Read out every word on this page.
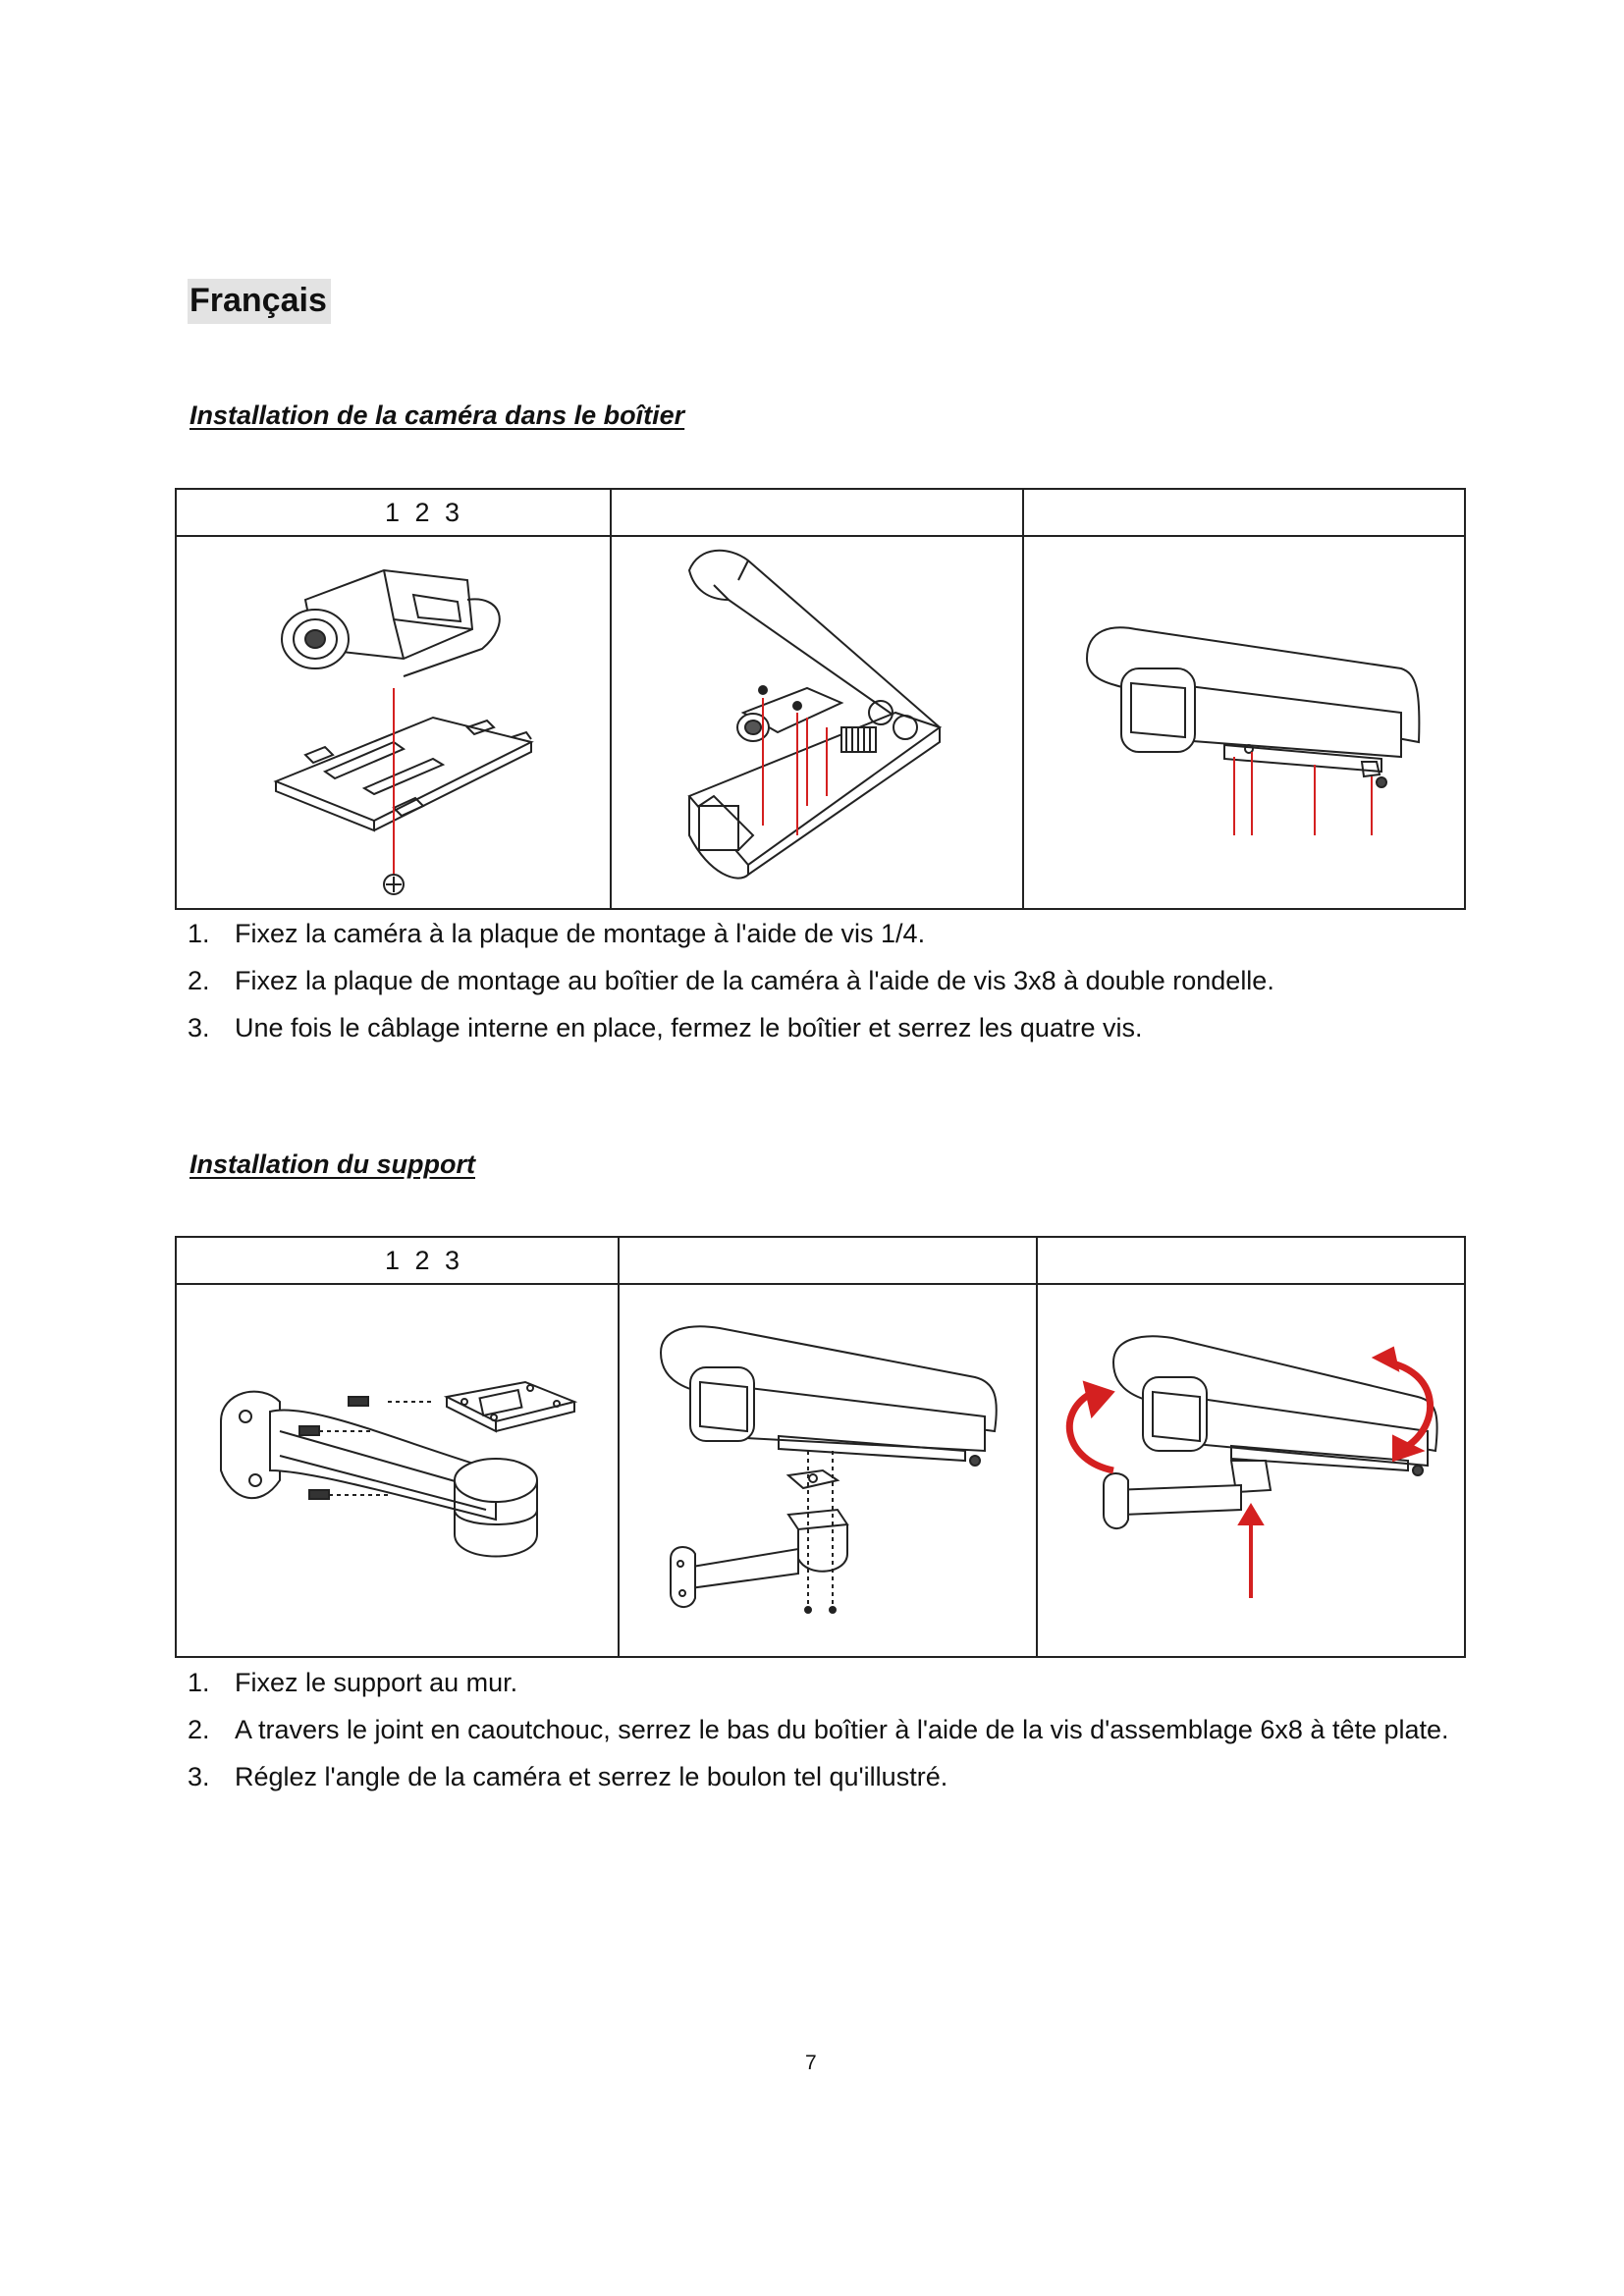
Français
Installation de la caméra dans le boîtier
1 2 3		

1. Fixez la caméra à la plaque de montage à l'aide de vis 1/4.
2. Fixez la plaque de montage au boîtier de la caméra à l'aide de vis 3x8 à double rondelle.
3. Une fois le câblage interne en place, fermez le boîtier et serrez les quatre vis.
Installation du support
1 2 3		

1. Fixez le support au mur.
2. A travers le joint en caoutchouc, serrez le bas du boîtier à l'aide de la vis d'assemblage 6x8 à tête plate.
3. Réglez l'angle de la caméra et serrez le boulon tel qu'illustré.
7
